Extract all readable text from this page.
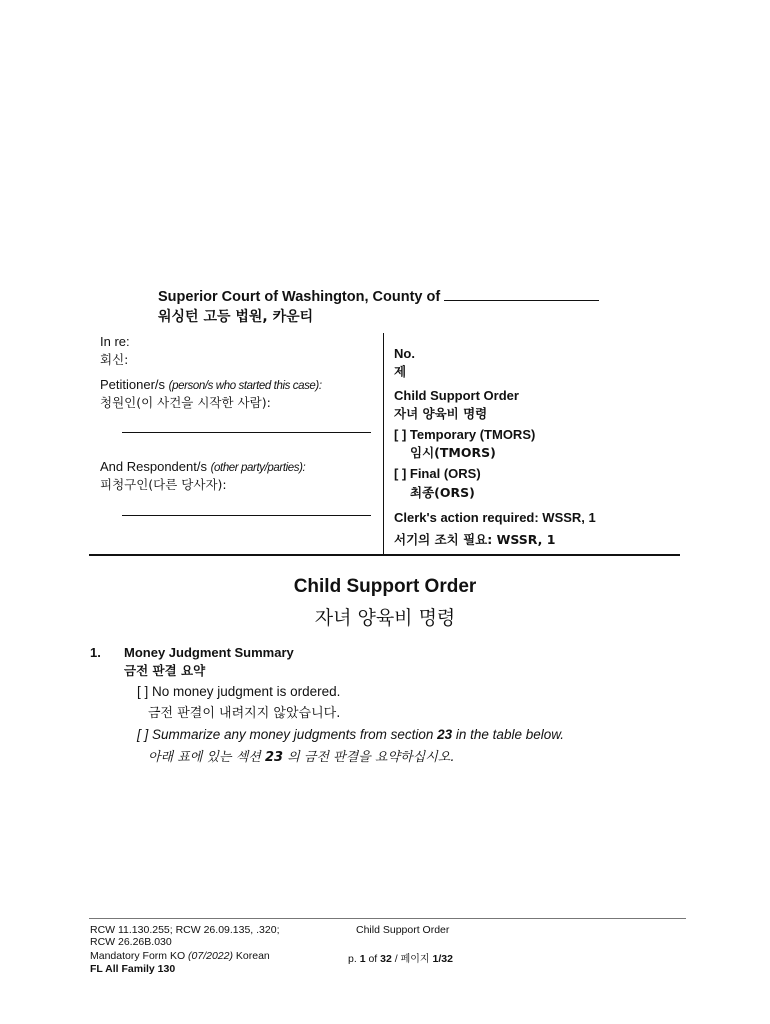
Superior Court of Washington, County of
워싱턴 고등 법원, 카운티
In re:
회신:
Petitioner/s (person/s who started this case):
청원인(이 사건을 시작한 사람):
And Respondent/s (other party/parties):
피청구인(다른 당사자):
No.
제
Child Support Order
자녀 양육비 명령
[ ] Temporary (TMORS)
임시(TMORS)
[ ] Final (ORS)
최종(ORS)
Clerk's action required: WSSR, 1
서기의 조치 필요: WSSR, 1
Child Support Order
자녀 양육비 명령
1. Money Judgment Summary
금전 판결 요약
[ ] No money judgment is ordered.
금전 판결이 내려지지 않았습니다.
[ ] Summarize any money judgments from section 23 in the table below.
아래 표에 있는 섹션 23 의 금전 판결을 요약하십시오.
RCW 11.130.255; RCW 26.09.135, .320;
RCW 26.26B.030
Mandatory Form KO (07/2022) Korean
FL All Family 130
Child Support Order
p. 1 of 32 / 페이지 1/32
